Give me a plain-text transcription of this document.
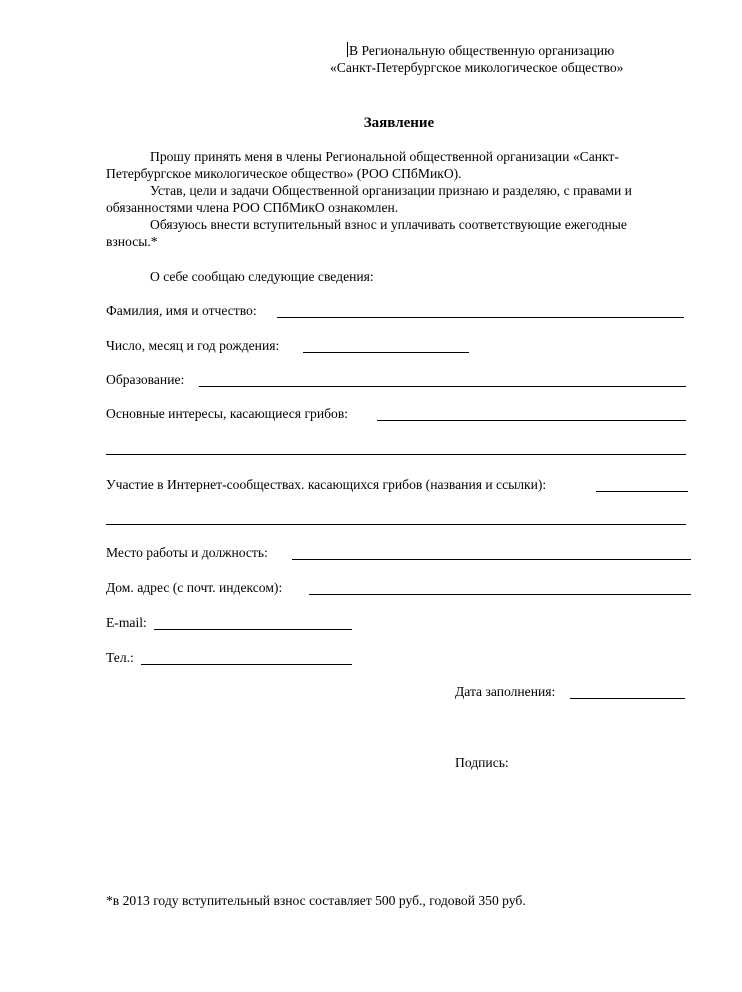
В Региональную общественную организацию
«Санкт-Петербургское микологическое общество»
Заявление
Прошу принять меня в члены Региональной общественной организации «Санкт-
Петербургское микологическое общество» (РОО СПбМикО).
Устав, цели и задачи Общественной организации признаю и разделяю, с правами и
обязанностями члена РОО СПбМикО ознакомлен.
Обязуюсь внести вступительный взнос и уплачивать соответствующие ежегодные
взносы.*
О себе сообщаю следующие сведения:
Фамилия, имя и отчество:
Число, месяц и год рождения:
Образование:
Основные интересы, касающиеся грибов:
Участие в Интернет-сообществах. касающихся грибов (названия и ссылки):
Место работы и должность:
Дом. адрес (с почт. индексом):
E-mail:
Тел.:
Дата заполнения:
Подпись:
*в 2013 году вступительный взнос составляет 500 руб., годовой 350 руб.
